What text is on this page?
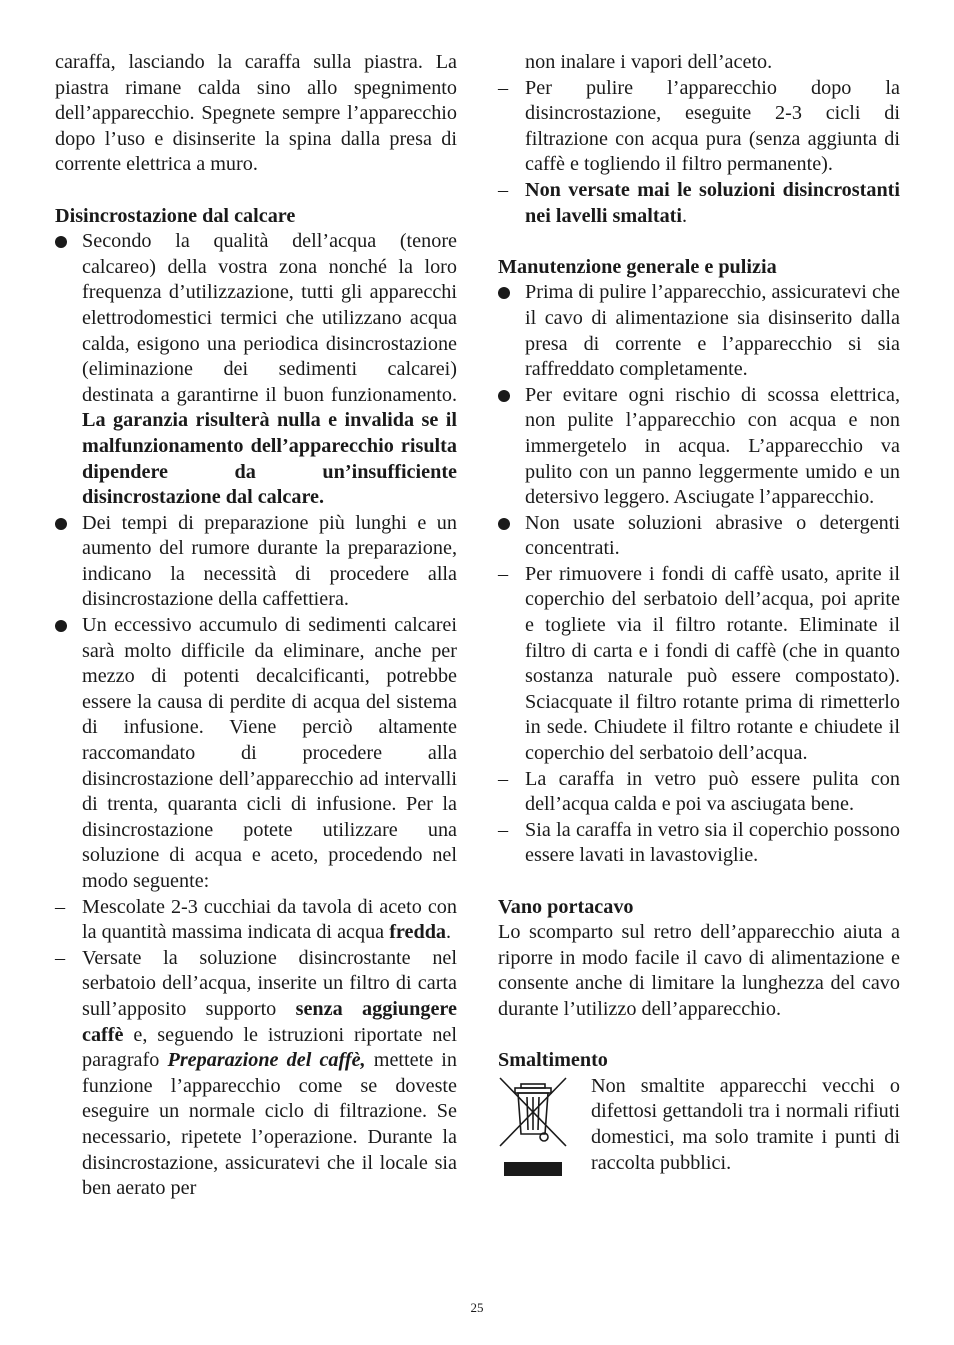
caraffa, lasciando la caraffa sulla piastra. La piastra rimane calda sino allo spegnimento dell’apparecchio. Spegnete sempre l’apparecchio dopo l’uso e disinserite la spina dalla presa di corrente elettrica a muro.

Disincrostazione dal calcare

Secondo la qualità dell’acqua (tenore calcareo) della vostra zona nonché la loro frequenza d’utilizzazione, tutti gli apparecchi elettrodomestici termici che utilizzano acqua calda, esigono una periodica disincrostazione (eliminazione dei sedimenti calcarei) destinata a garantirne il buon funzionamento. La garanzia risulterà nulla e invalida se il malfunzionamento dell’apparecchio risulta dipendere da un’insufficiente disincrostazione dal calcare.

Dei tempi di preparazione più lunghi e un aumento del rumore durante la preparazione, indicano la necessità di procedere alla disincrostazione della caffettiera.

Un eccessivo accumulo di sedimenti calcarei sarà molto difficile da eliminare, anche per mezzo di potenti decalcificanti, potrebbe essere la causa di perdite di acqua del sistema di infusione. Viene perciò altamente raccomandato di procedere alla disincrostazione dell’apparecchio ad intervalli di trenta, quaranta cicli di infusione. Per la disincrostazione potete utilizzare una soluzione di acqua e aceto, procedendo nel modo seguente:

– Mescolate 2-3 cucchiai da tavola di aceto con la quantità massima indicata di acqua fredda.

– Versate la soluzione disincrostante nel serbatoio dell’acqua, inserite un filtro di carta sull’apposito supporto senza aggiungere caffè e, seguendo le istruzioni riportate nel paragrafo Preparazione del caffè, mettete in funzione l’apparecchio come se doveste eseguire un normale ciclo di filtrazione. Se necessario, ripetete l’operazione. Durante la disincrostazione, assicuratevi che il locale sia ben aerato per

non inalare i vapori dell’aceto.

– Per pulire l’apparecchio dopo la disincrostazione, eseguite 2-3 cicli di filtrazione con acqua pura (senza aggiunta di caffè e togliendo il filtro permanente).

– Non versate mai le soluzioni disincrostanti nei lavelli smaltati.

Manutenzione generale e pulizia

Prima di pulire l’apparecchio, assicuratevi che il cavo di alimentazione sia disinserito dalla presa di corrente e l’apparecchio si sia raffreddato completamente.

Per evitare ogni rischio di scossa elettrica, non pulite l’apparecchio con acqua e non immergetelo in acqua. L’apparecchio va pulito con un panno leggermente umido e un detersivo leggero. Asciugate l’apparecchio.

Non usate soluzioni abrasive o detergenti concentrati.

– Per rimuovere i fondi di caffè usato, aprite il coperchio del serbatoio dell’acqua, poi aprite e togliete via il filtro rotante. Eliminate il filtro di carta e i fondi di caffè (che in quanto sostanza naturale può essere compostato). Sciacquate il filtro rotante prima di rimetterlo in sede. Chiudete il filtro rotante e chiudete il coperchio del serbatoio dell’acqua.

– La caraffa in vetro può essere pulita con dell’acqua calda e poi va asciugata bene.

– Sia la caraffa in vetro sia il coperchio possono essere lavati in lavastoviglie.

Vano portacavo

Lo scomparto sul retro dell’apparecchio aiuta a riporre in modo facile il cavo di alimentazione e consente anche di limitare la lunghezza del cavo durante l’utilizzo dell’apparecchio.

Smaltimento

Non smaltite apparecchi vecchi o difettosi gettandoli tra i normali rifiuti domestici, ma solo tramite i punti di raccolta pubblici.

25
